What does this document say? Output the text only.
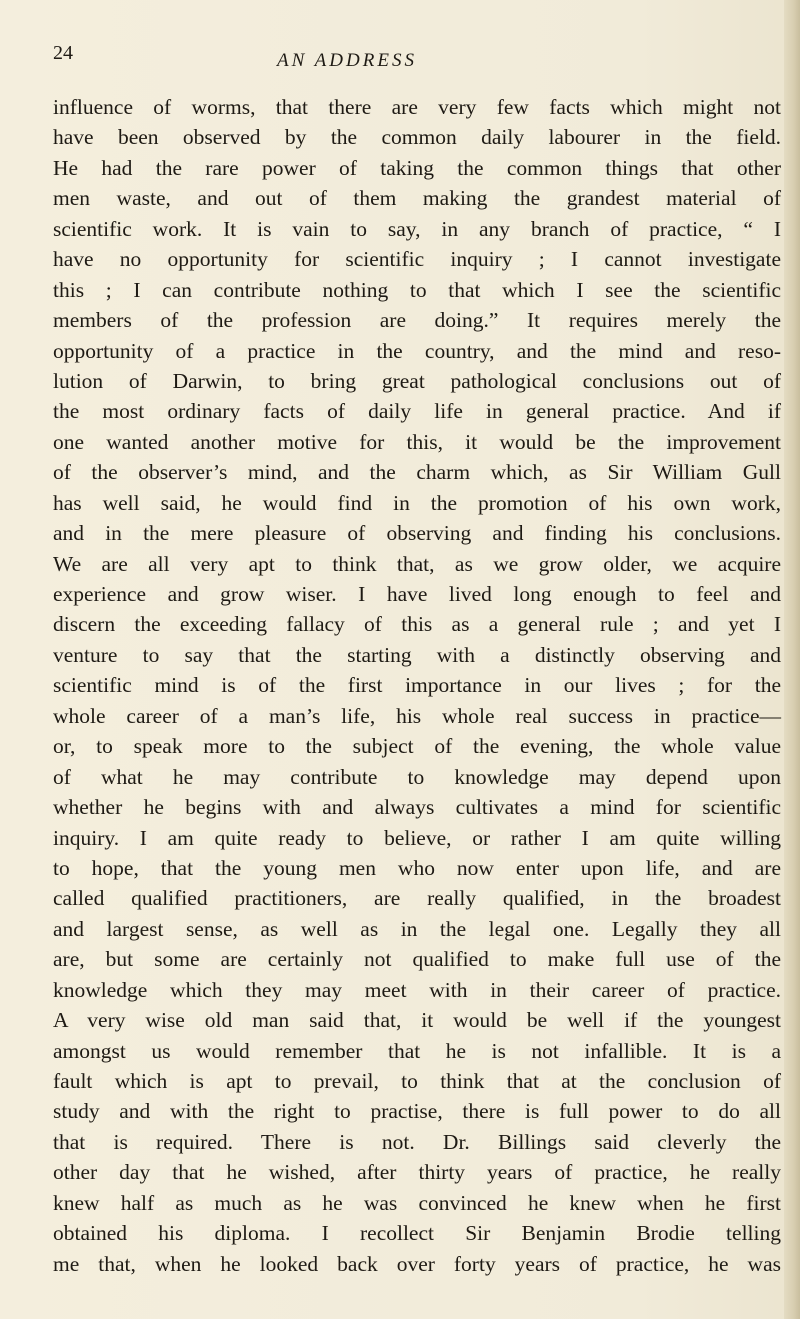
24	AN ADDRESS
influence of worms, that there are very few facts which might not
have been observed by the common daily labourer in the field.
He had the rare power of taking the common things that other
men waste, and out of them making the grandest material of
scientific work. It is vain to say, in any branch of practice, “ I
have no opportunity for scientific inquiry ; I cannot investigate
this ; I can contribute nothing to that which I see the scientific
members of the profession are doing.” It requires merely the
opportunity of a practice in the country, and the mind and reso-
lution of Darwin, to bring great pathological conclusions out of
the most ordinary facts of daily life in general practice. And if
one wanted another motive for this, it would be the improvement
of the observer’s mind, and the charm which, as Sir William Gull
has well said, he would find in the promotion of his own work,
and in the mere pleasure of observing and finding his conclusions.
We are all very apt to think that, as we grow older, we acquire
experience and grow wiser. I have lived long enough to feel and
discern the exceeding fallacy of this as a general rule ; and yet I
venture to say that the starting with a distinctly observing and
scientific mind is of the first importance in our lives ; for the
whole career of a man’s life, his whole real success in practice—
or, to speak more to the subject of the evening, the whole value
of what he may contribute to knowledge may depend upon
whether he begins with and always cultivates a mind for scientific
inquiry. I am quite ready to believe, or rather I am quite willing
to hope, that the young men who now enter upon life, and are
called qualified practitioners, are really qualified, in the broadest
and largest sense, as well as in the legal one. Legally they all
are, but some are certainly not qualified to make full use of the
knowledge which they may meet with in their career of practice.
A very wise old man said that, it would be well if the youngest
amongst us would remember that he is not infallible. It is a
fault which is apt to prevail, to think that at the conclusion of
study and with the right to practise, there is full power to do all
that is required. There is not. Dr. Billings said cleverly the
other day that he wished, after thirty years of practice, he really
knew half as much as he was convinced he knew when he first
obtained his diploma. I recollect Sir Benjamin Brodie telling
me that, when he looked back over forty years of practice, he was
